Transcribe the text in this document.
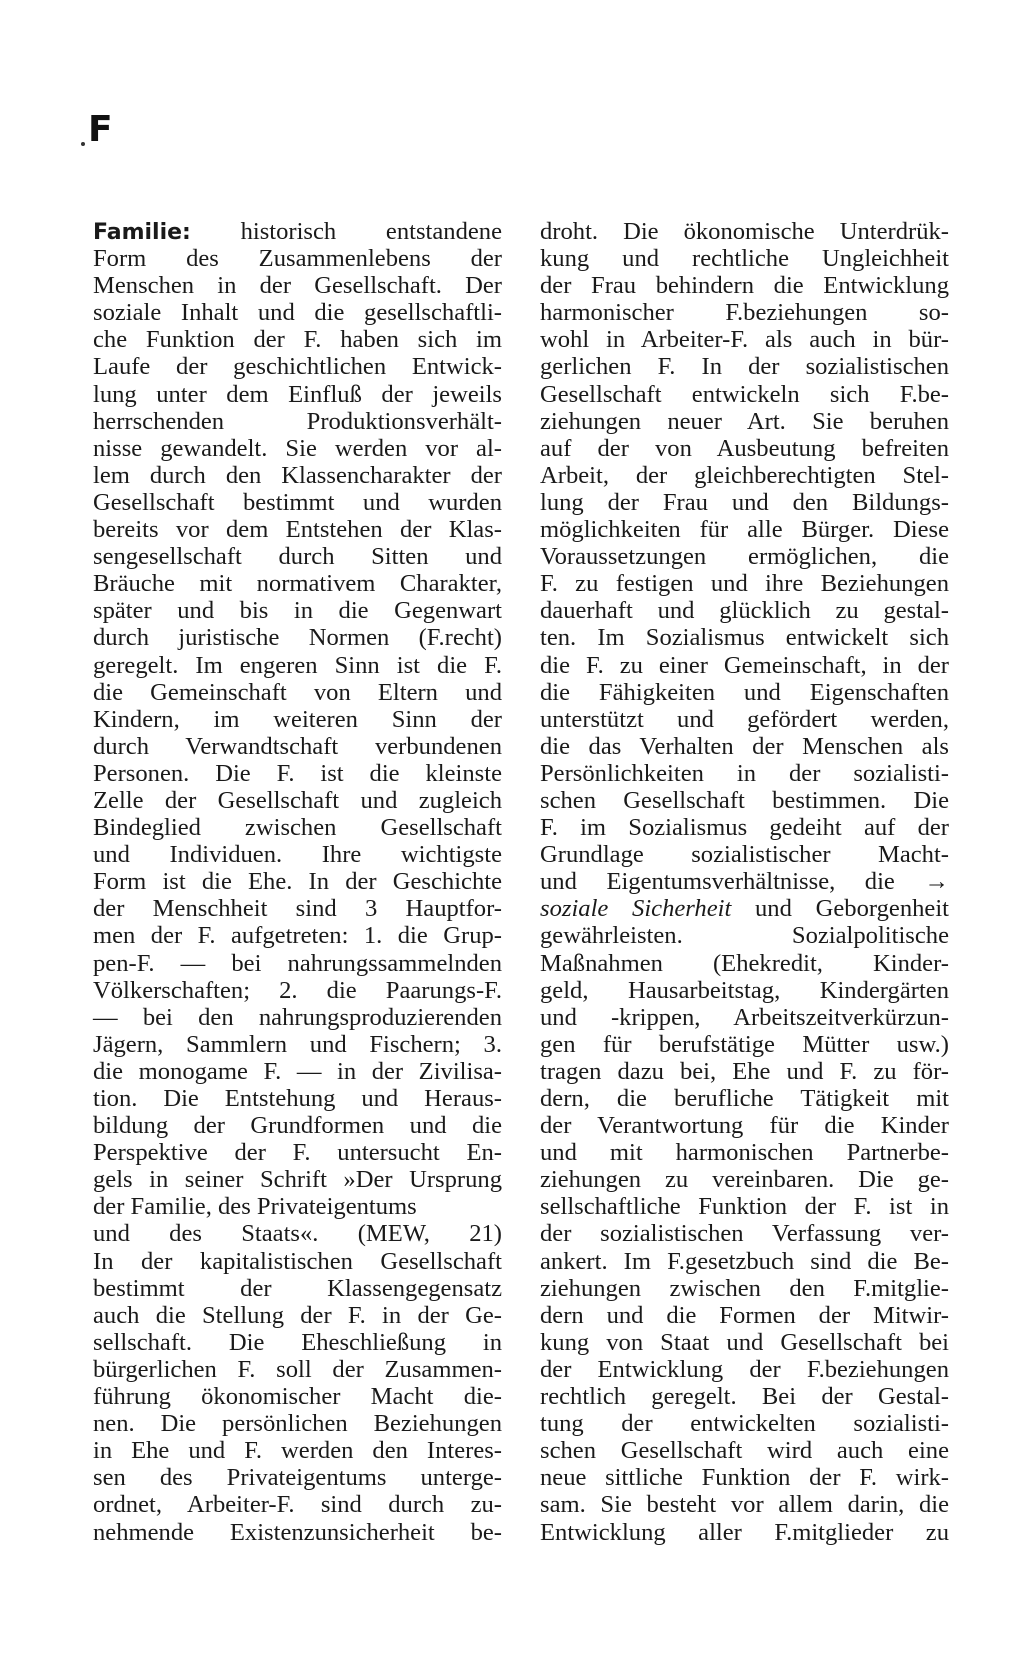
F
Familie: historisch entstandene
Form des Zusammenlebens der
Menschen in der Gesellschaft. Der
soziale Inhalt und die gesellschaftli-
che Funktion der F. haben sich im
Laufe der geschichtlichen Entwick-
lung unter dem Einfluß der jeweils
herrschenden Produktionsverhält-
nisse gewandelt. Sie werden vor al-
lem durch den Klassencharakter der
Gesellschaft bestimmt und wurden
bereits vor dem Entstehen der Klas-
sengesellschaft durch Sitten und
Bräuche mit normativem Charakter,
später und bis in die Gegenwart
durch juristische Normen (F.recht)
geregelt. Im engeren Sinn ist die F.
die Gemeinschaft von Eltern und
Kindern, im weiteren Sinn der
durch Verwandtschaft verbundenen
Personen. Die F. ist die kleinste
Zelle der Gesellschaft und zugleich
Bindeglied zwischen Gesellschaft
und Individuen. Ihre wichtigste
Form ist die Ehe. In der Geschichte
der Menschheit sind 3 Hauptfor-
men der F. aufgetreten: 1. die Grup-
pen-F. — bei nahrungssammelnden
Völkerschaften; 2. die Paarungs-F.
— bei den nahrungsproduzierenden
Jägern, Sammlern und Fischern; 3.
die monogame F. — in der Zivilisa-
tion. Die Entstehung und Heraus-
bildung der Grundformen und die
Perspektive der F. untersucht En-
gels in seiner Schrift »Der Ursprung
der Familie, des Privateigentums
und des Staats«. (MEW, 21)
In der kapitalistischen Gesellschaft
bestimmt der Klassengegensatz
auch die Stellung der F. in der Ge-
sellschaft. Die Eheschließung in
bürgerlichen F. soll der Zusammen-
führung ökonomischer Macht die-
nen. Die persönlichen Beziehungen
in Ehe und F. werden den Interes-
sen des Privateigentums unterge-
ordnet, Arbeiter-F. sind durch zu-
nehmende Existenzunsicherheit be-
droht. Die ökonomische Unterdrük-
kung und rechtliche Ungleichheit
der Frau behindern die Entwicklung
harmonischer F.beziehungen so-
wohl in Arbeiter-F. als auch in bür-
gerlichen F. In der sozialistischen
Gesellschaft entwickeln sich F.be-
ziehungen neuer Art. Sie beruhen
auf der von Ausbeutung befreiten
Arbeit, der gleichberechtigten Stel-
lung der Frau und den Bildungs-
möglichkeiten für alle Bürger. Diese
Voraussetzungen ermöglichen, die
F. zu festigen und ihre Beziehungen
dauerhaft und glücklich zu gestal-
ten. Im Sozialismus entwickelt sich
die F. zu einer Gemeinschaft, in der
die Fähigkeiten und Eigenschaften
unterstützt und gefördert werden,
die das Verhalten der Menschen als
Persönlichkeiten in der sozialisti-
schen Gesellschaft bestimmen. Die
F. im Sozialismus gedeiht auf der
Grundlage sozialistischer Macht-
und Eigentumsverhältnisse, die →
soziale Sicherheit und Geborgenheit
gewährleisten. Sozialpolitische
Maßnahmen (Ehekredit, Kinder-
geld, Hausarbeitstag, Kindergärten
und -krippen, Arbeitszeitverkürzun-
gen für berufstätige Mütter usw.)
tragen dazu bei, Ehe und F. zu för-
dern, die berufliche Tätigkeit mit
der Verantwortung für die Kinder
und mit harmonischen Partnerbe-
ziehungen zu vereinbaren. Die ge-
sellschaftliche Funktion der F. ist in
der sozialistischen Verfassung ver-
ankert. Im F.gesetzbuch sind die Be-
ziehungen zwischen den F.mitglie-
dern und die Formen der Mitwir-
kung von Staat und Gesellschaft bei
der Entwicklung der F.beziehungen
rechtlich geregelt. Bei der Gestal-
tung der entwickelten sozialisti-
schen Gesellschaft wird auch eine
neue sittliche Funktion der F. wirk-
sam. Sie besteht vor allem darin, die
Entwicklung aller F.mitglieder zu
